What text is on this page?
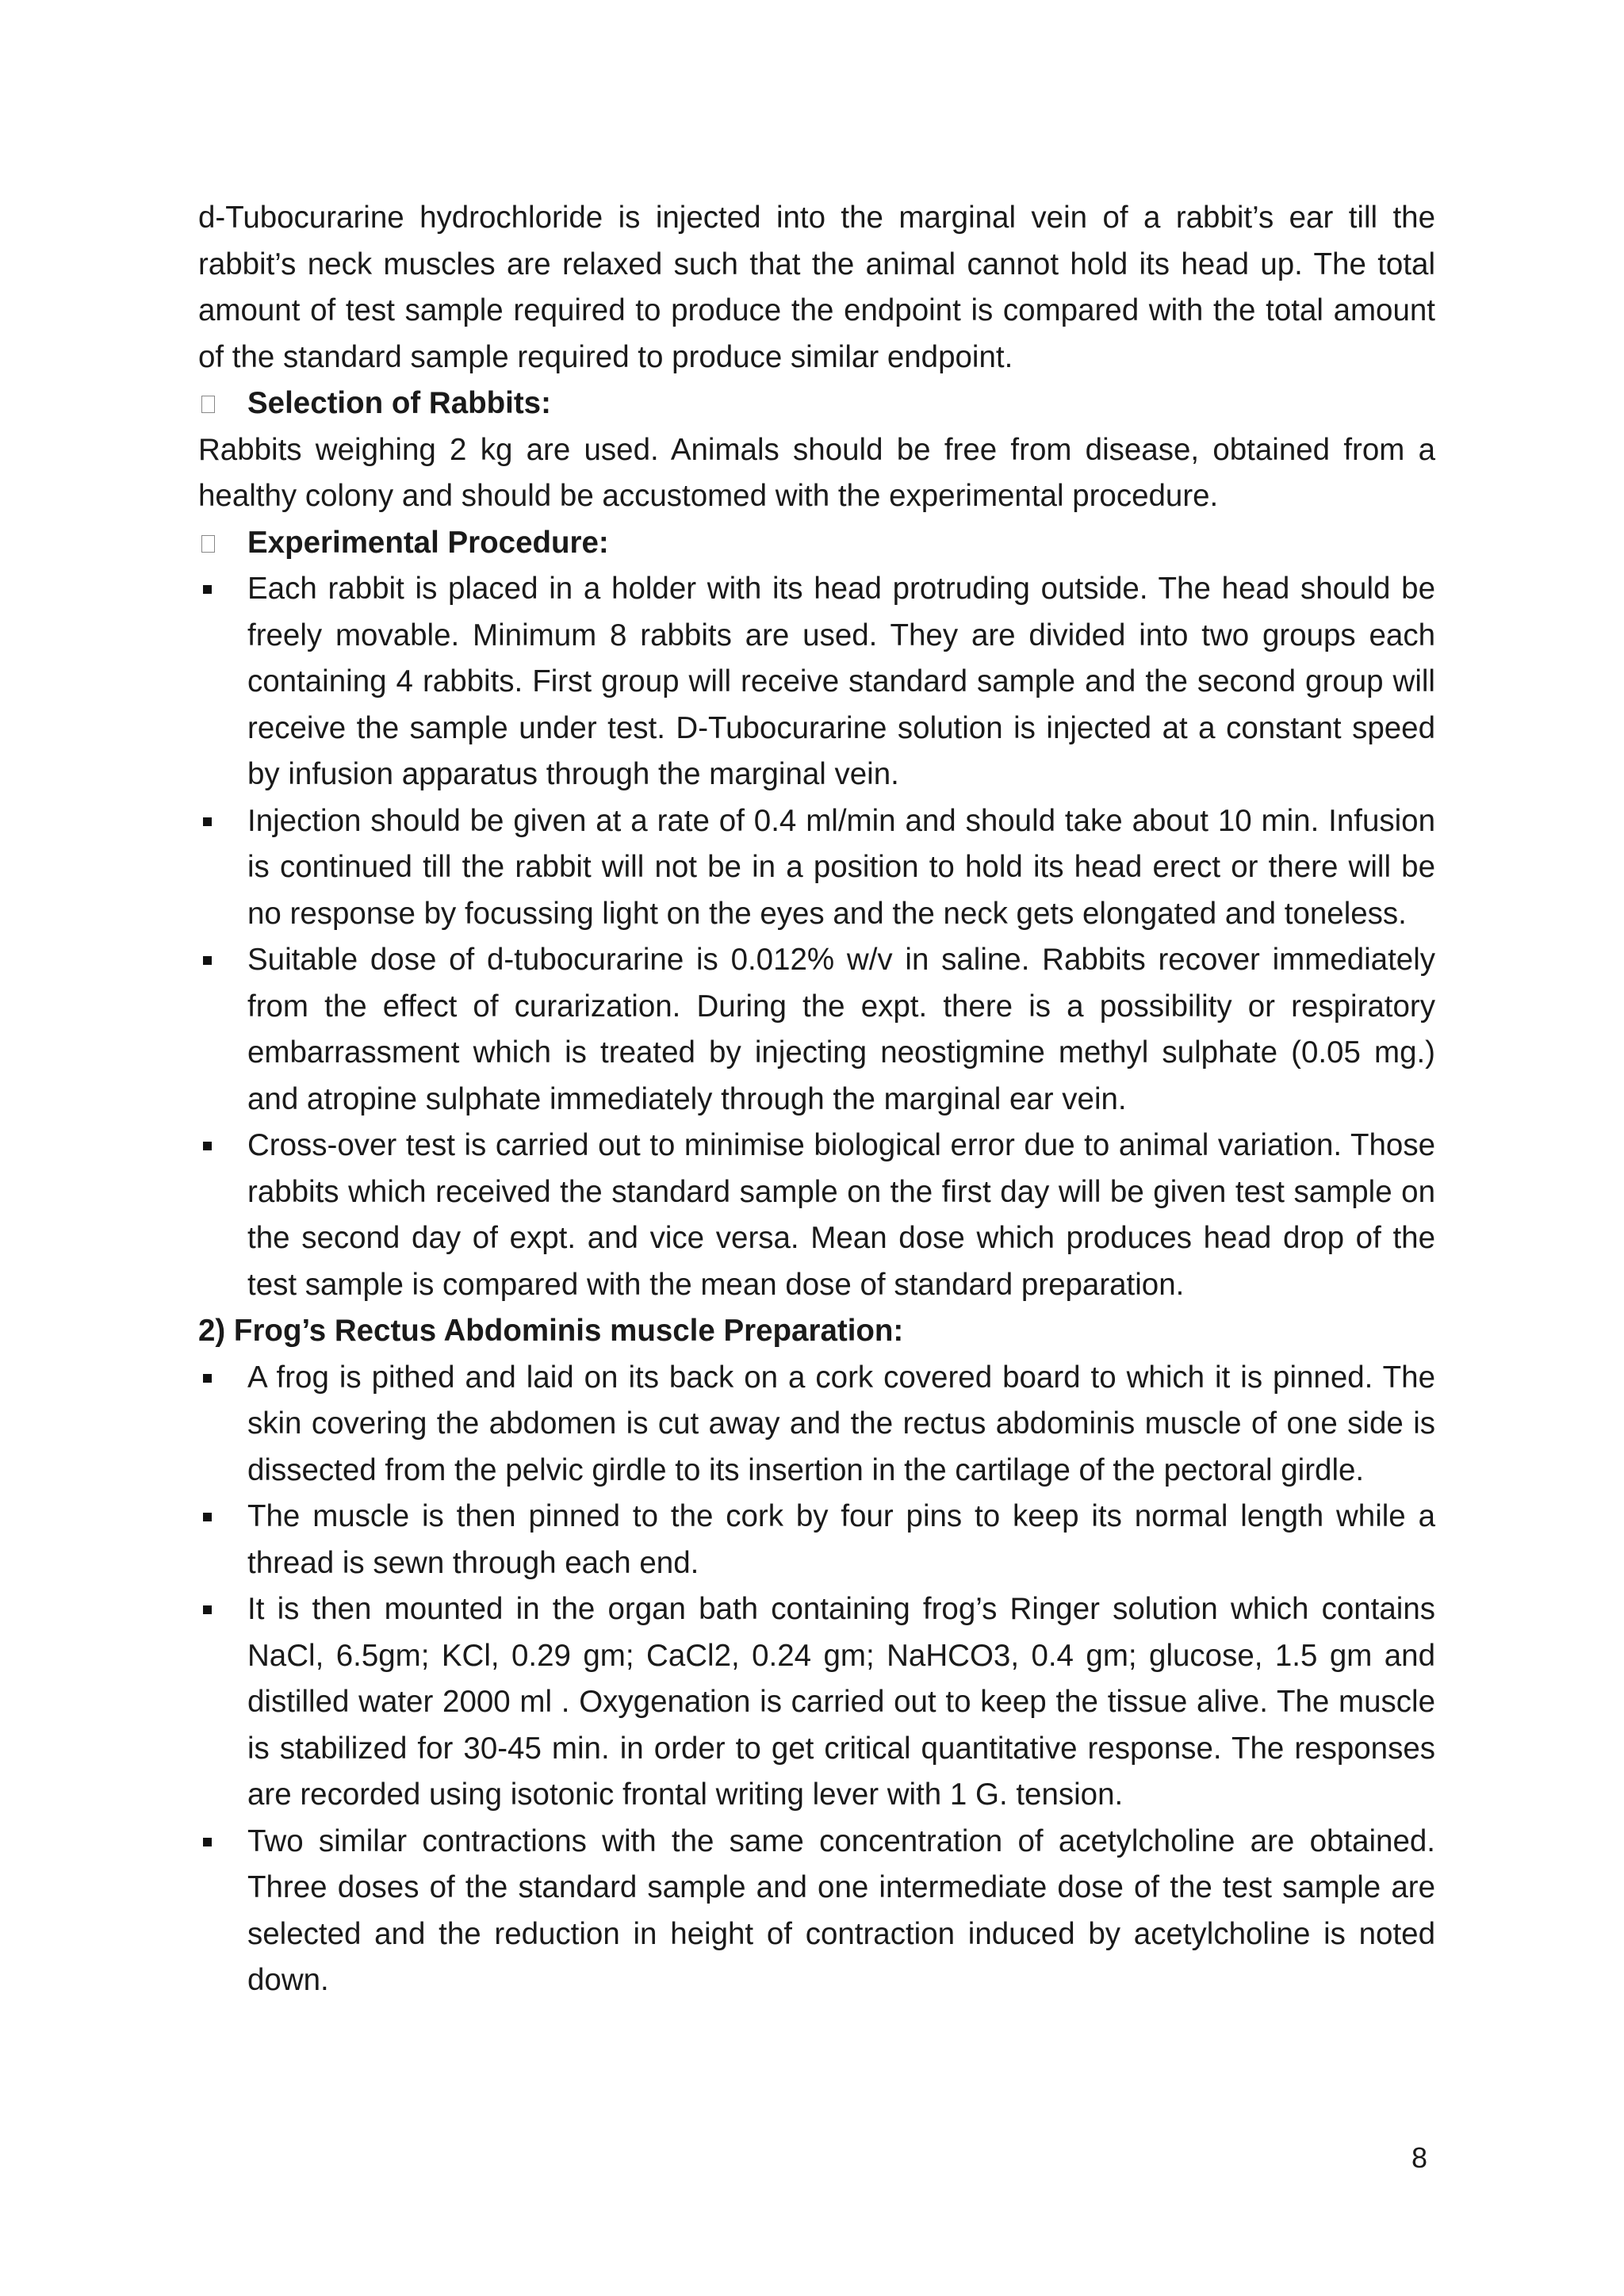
d-Tubocurarine hydrochloride is injected into the marginal vein of a rabbit’s ear till the rabbit’s neck muscles are relaxed such that the animal cannot hold its head up. The total amount of test sample required to produce the endpoint is compared with the total amount of the standard sample required to produce similar endpoint.

Selection of Rabbits:

Rabbits weighing 2 kg are used. Animals should be free from disease, obtained from a healthy colony and should be accustomed with the experimental procedure.

Experimental Procedure:
Each rabbit is placed in a holder with its head protruding outside. The head should be freely movable. Minimum 8 rabbits are used. They are divided into two groups each containing 4 rabbits. First group will receive standard sample and the second group will receive the sample under test. D-Tubocurarine solution is injected at a constant speed by infusion apparatus through the marginal vein.
Injection should be given at a rate of 0.4 ml/min and should take about 10 min. Infusion is continued till the rabbit will not be in a position to hold its head erect or there will be no response by focussing light on the eyes and the neck gets elongated and toneless.
Suitable dose of d-tubocurarine is 0.012% w/v in saline. Rabbits recover immediately from the effect of curarization. During the expt. there is a possibility or respiratory embarrassment which is treated by injecting neostigmine methyl sulphate (0.05 mg.) and atropine sulphate immediately through the marginal ear vein.
Cross-over test is carried out to minimise biological error due to animal variation. Those rabbits which received the standard sample on the first day will be given test sample on the second day of expt. and vice versa. Mean dose which produces head drop of the test sample is compared with the mean dose of standard preparation.

2) Frog’s Rectus Abdominis muscle Preparation:

A frog is pithed and laid on its back on a cork covered board to which it is pinned. The skin covering the abdomen is cut away and the rectus abdominis muscle of one side is dissected from the pelvic girdle to its insertion in the cartilage of the pectoral girdle.
The muscle is then pinned to the cork by four pins to keep its normal length while a thread is sewn through each end.
It is then mounted in the organ bath containing frog’s Ringer solution which contains NaCl, 6.5gm; KCl, 0.29 gm; CaCl2, 0.24 gm; NaHCO3, 0.4 gm; glucose, 1.5 gm and distilled water 2000 ml . Oxygenation is carried out to keep the tissue alive. The muscle is stabilized for 30-45 min. in order to get critical quantitative response. The responses are recorded using isotonic frontal writing lever with 1 G. tension.
Two similar contractions with the same concentration of acetylcholine are obtained. Three doses of the standard sample and one intermediate dose of the test sample are selected and the reduction in height of contraction induced by acetylcholine is noted down.
8
